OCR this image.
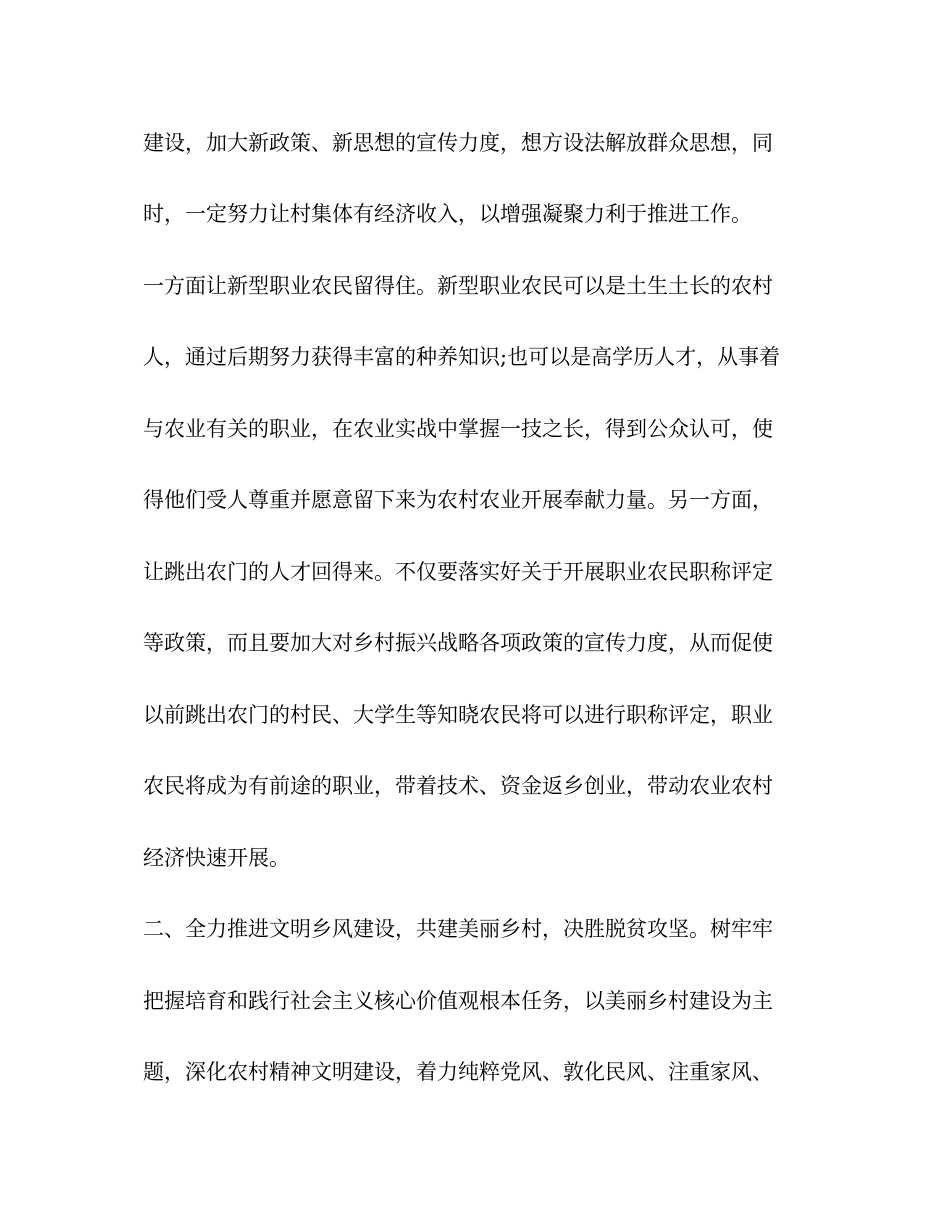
建设，加大新政策、新思想的宣传力度，想方设法解放群众思想，同
时，一定努力让村集体有经济收入，以增强凝聚力利于推进工作。
一方面让新型职业农民留得住。新型职业农民可以是土生土长的农村
人，通过后期努力获得丰富的种养知识;也可以是高学历人才，从事着
与农业有关的职业，在农业实战中掌握一技之长，得到公众认可，使
得他们受人尊重并愿意留下来为农村农业开展奉献力量。另一方面，
让跳出农门的人才回得来。不仅要落实好关于开展职业农民职称评定
等政策，而且要加大对乡村振兴战略各项政策的宣传力度，从而促使
以前跳出农门的村民、大学生等知晓农民将可以进行职称评定，职业
农民将成为有前途的职业，带着技术、资金返乡创业，带动农业农村
经济快速开展。
二、全力推进文明乡风建设，共建美丽乡村，决胜脱贫攻坚。树牢牢
把握培育和践行社会主义核心价值观根本任务，以美丽乡村建设为主
题，深化农村精神文明建设，着力纯粹党风、敦化民风、注重家风、
